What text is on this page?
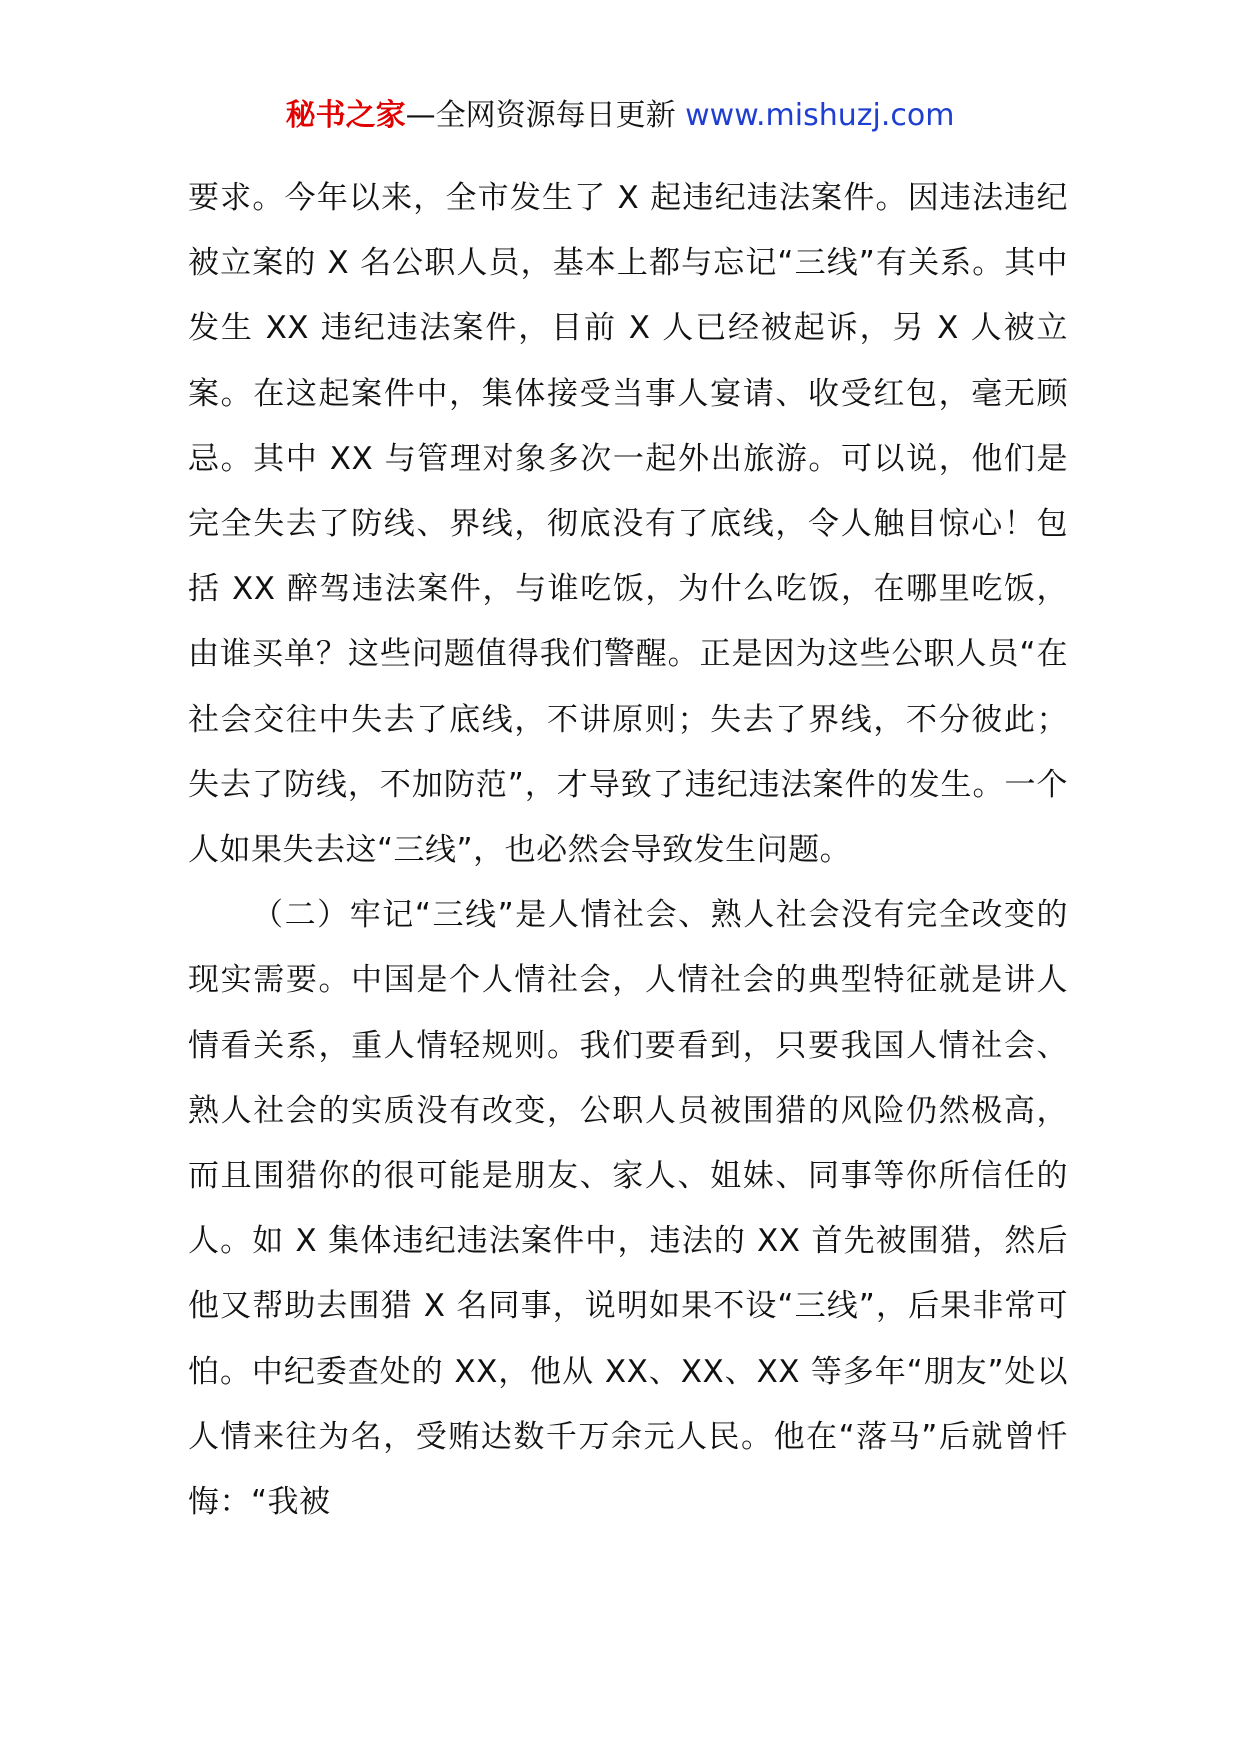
秘书之家—全网资源每日更新 www.mishuzj.com

要求。今年以来，全市发生了 X 起违纪违法案件。因违法违纪被立案的 X 名公职人员，基本上都与忘记“三线”有关系。其中发生 XX 违纪违法案件，目前 X 人已经被起诉，另 X 人被立案。在这起案件中，集体接受当事人宴请、收受红包，毫无顾忌。其中 XX 与管理对象多次一起外出旅游。可以说，他们是完全失去了防线、界线，彻底没有了底线，令人触目惊心！包括 XX 醉驾违法案件，与谁吃饭，为什么吃饭，在哪里吃饭，由谁买单？这些问题值得我们警醒。正是因为这些公职人员“在社会交往中失去了底线，不讲原则；失去了界线，不分彼此；失去了防线，不加防范”，才导致了违纪违法案件的发生。一个人如果失去这“三线”，也必然会导致发生问题。

（二）牢记“三线”是人情社会、熟人社会没有完全改变的现实需要。中国是个人情社会，人情社会的典型特征就是讲人情看关系，重人情轻规则。我们要看到，只要我国人情社会、熟人社会的实质没有改变，公职人员被围猎的风险仍然极高，而且围猎你的很可能是朋友、家人、姐妹、同事等你所信任的人。如 X 集体违纪违法案件中，违法的 XX 首先被围猎，然后他又帮助去围猎 X 名同事，说明如果不设“三线”，后果非常可怕。中纪委查处的 XX，他从 XX、XX、XX 等多年“朋友”处以人情来往为名，受贿达数千万余元人民。他在“落马”后就曾忏悔：“我被
